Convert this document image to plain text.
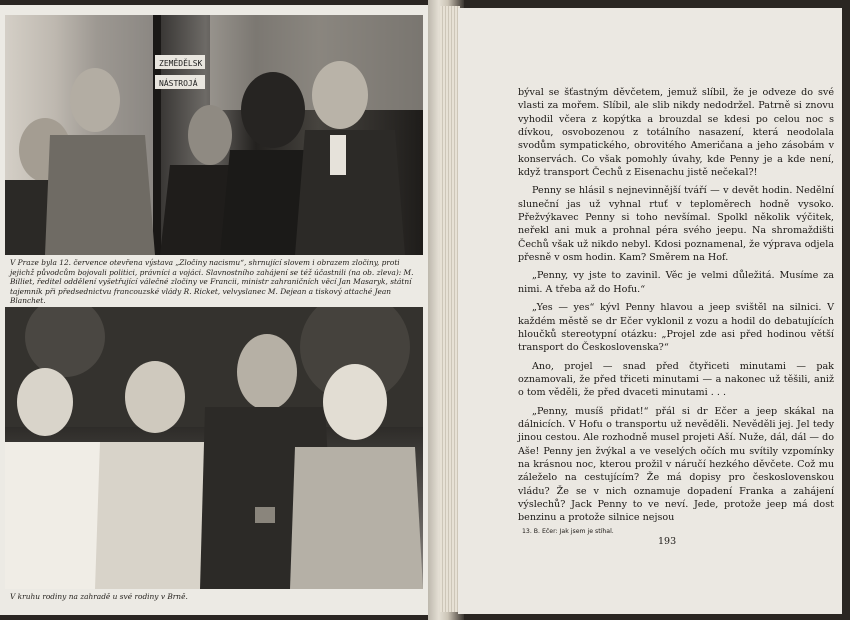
ZEMĚDĚLSK
NÁSTROJÁ
V Praze byla 12. července otevřena výstava „Zločiny nacismu“, shrnující slovem i obrazem zločiny, proti jejichž původcům bojovali politici, právníci a vojáci. Slavnostního zahájení se též účastnili (na ob. zleva): M. Billiet, ředitel oddělení vyšetřující válečné zločiny ve Francii, ministr zahraničních věcí Jan Masaryk, státní tajemník při předsednictvu francouzské vlády R. Ricket, velvyslanec M. Dejean a tiskový attaché Jean Blanchet.
V kruhu rodiny na zahradě u své rodiny v Brně.

býval se šťastným děvčetem, jemuž slíbil, že je odveze do své vlasti za mořem. Slíbil, ale slib nikdy nedodržel. Patrně si znovu vyhodil včera z kopýtka a brouzdal se kdesi po celou noc s dívkou, osvobozenou z totálního nasazení, která neodolala svodům sympatického, obrovitého Američana a jeho zásobám v konservách. Co však pomohly úvahy, kde Penny je a kde není, když transport Čechů z Eisenachu jistě nečekal?!

Penny se hlásil s nejnevinnější tváří — v devět hodin. Nedělní sluneční jas už vyhnal rtuť v teploměrech hodně vysoko. Přežvýkavec Penny si toho nevšímal. Spolkl několik výčitek, neřekl ani muk a prohnal péra svého jeepu. Na shromaždišti Čechů však už nikdo nebyl. Kdosi poznamenal, že výprava odjela přesně v osm hodin. Kam? Směrem na Hof.

„Penny, vy jste to zavinil. Věc je velmi důležitá. Musíme za nimi. A třeba až do Hofu.“

„Yes — yes“ kývl Penny hlavou a jeep svištěl na silnici. V každém městě se dr Ečer vyklonil z vozu a hodil do debatujících hloučků stereotypní otázku: „Projel zde asi před hodinou větší transport do Československa?“

Ano, projel — snad před čtyřiceti minutami — pak oznamovali, že před třiceti minutami — a nakonec už těšili, aniž o tom věděli, že před dvaceti minutami . . .

„Penny, musíš přidat!“ přál si dr Ečer a jeep skákal na dálnicích. V Hofu o transportu už nevěděli. Nevěděli jej. Jel tedy jinou cestou. Ale rozhodně musel projeti Aší. Nuže, dál, dál — do Aše! Penny jen žvýkal a ve veselých očích mu svítily vzpomínky na krásnou noc, kterou prožil v náručí hezkého děvčete. Což mu záleželo na cestujícím? Že má dopisy pro československou vládu? Že se v nich oznamuje dopadení Franka a zahájení výslechů? Jack Penny to ve neví. Jede, protože jeep má dost benzinu a protože silnice nejsou

13. B. Ečer: Jak jsem je stíhal.
193
